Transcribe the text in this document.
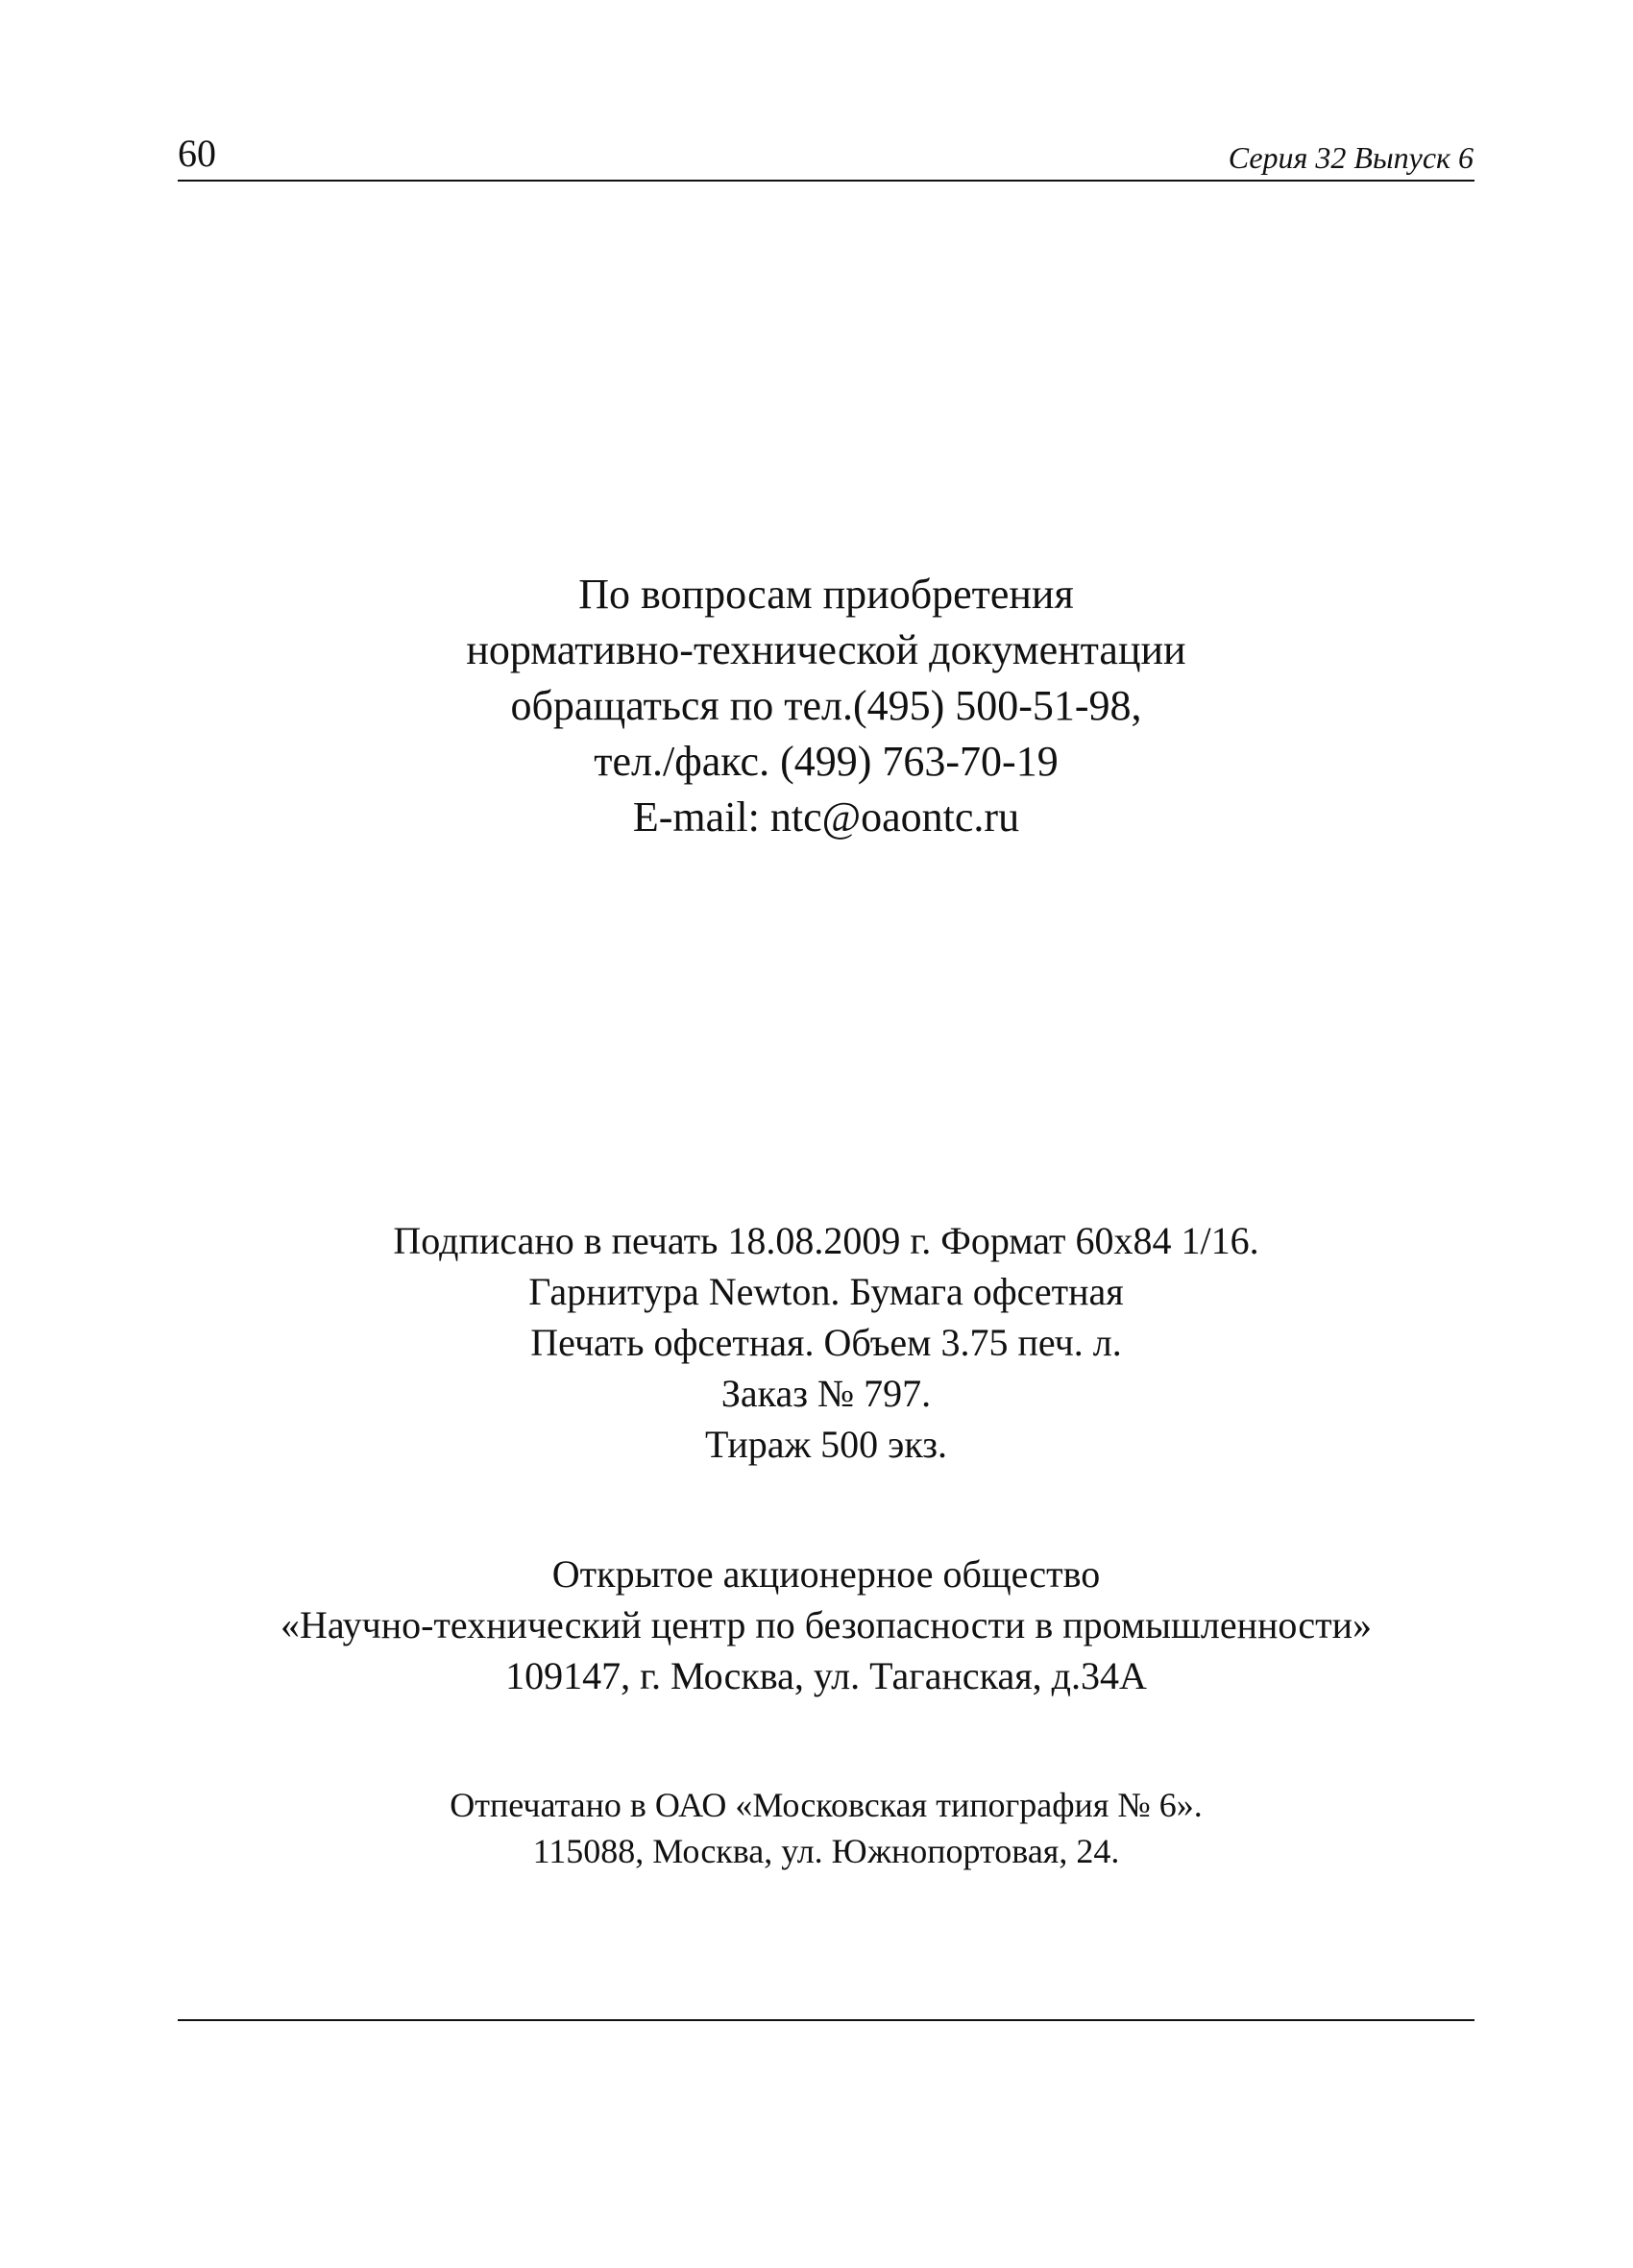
60	Серия 32 Выпуск 6
По вопросам приобретения
нормативно-технической документации
обращаться по тел.(495) 500-51-98,
тел./факс. (499) 763-70-19
E-mail: ntc@oaontc.ru
Подписано в печать 18.08.2009 г. Формат 60x84 1/16.
Гарнитура Newton. Бумага офсетная
Печать офсетная. Объем 3.75 печ. л.
Заказ № 797.
Тираж 500 экз.
Открытое акционерное общество
«Научно-технический центр по безопасности в промышленности»
109147, г. Москва, ул. Таганская, д.34А
Отпечатано в ОАО «Московская типография № 6».
115088, Москва, ул. Южнопортовая, 24.
